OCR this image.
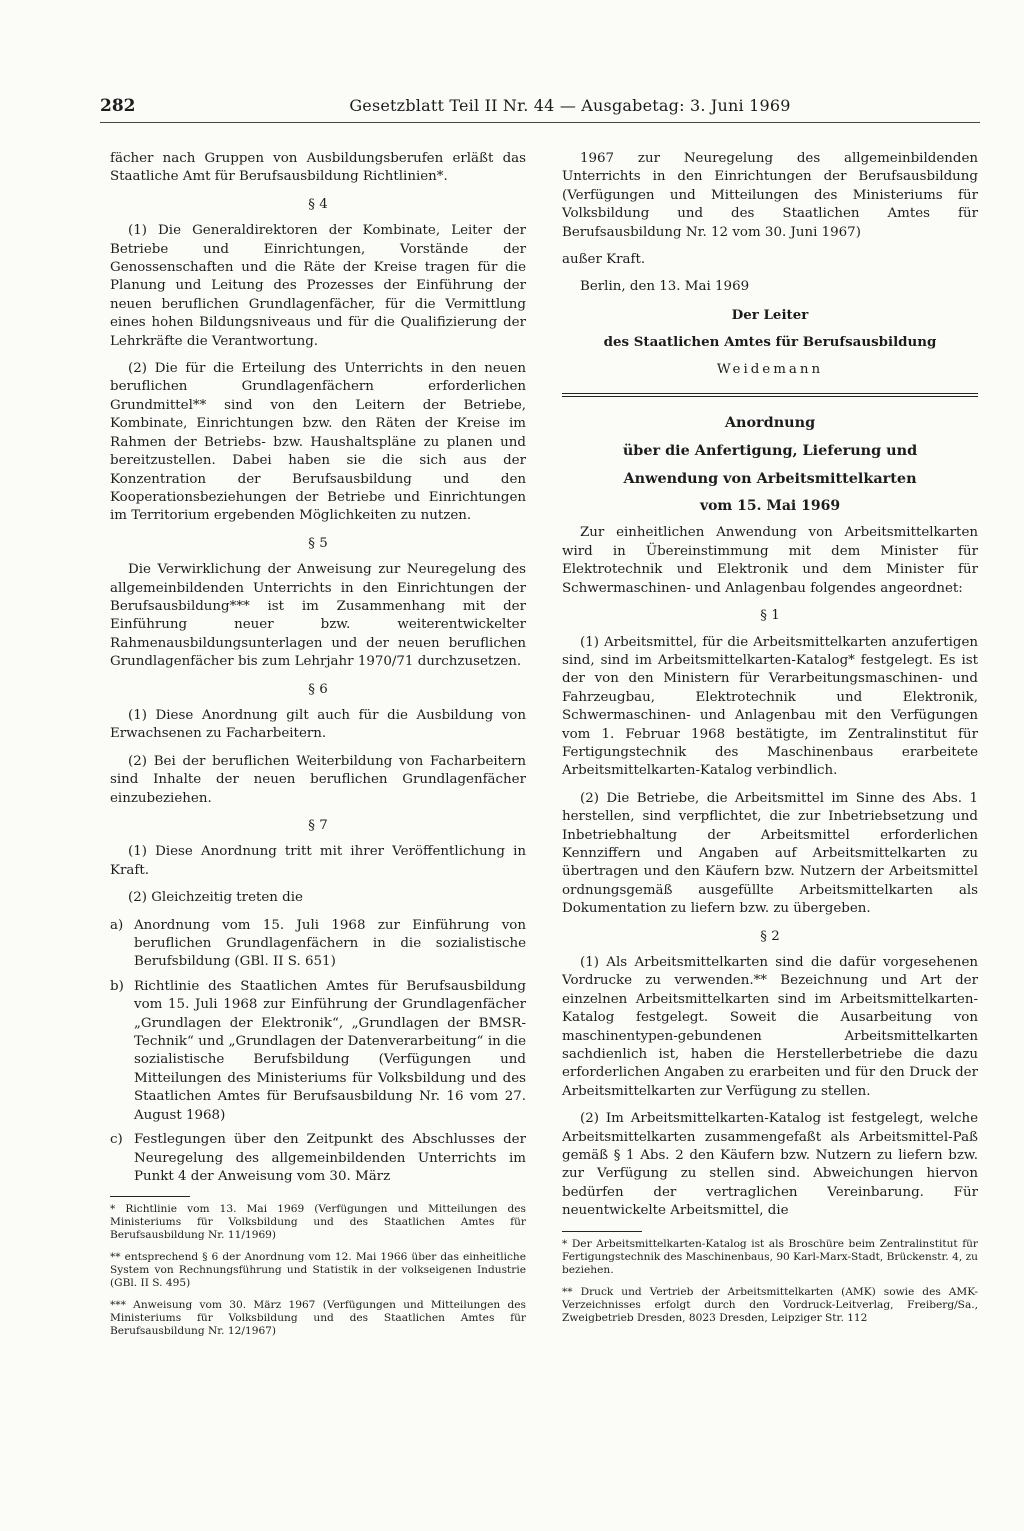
282	Gesetzblatt Teil II Nr. 44 — Ausgabetag: 3. Juni 1969

fächer nach Gruppen von Ausbildungsberufen erläßt das Staatliche Amt für Berufsausbildung Richtlinien*.

§ 4

(1) Die Generaldirektoren der Kombinate, Leiter der Betriebe und Einrichtungen, Vorstände der Genossenschaften und die Räte der Kreise tragen für die Planung und Leitung des Prozesses der Einführung der neuen beruflichen Grundlagenfächer, für die Vermittlung eines hohen Bildungsniveaus und für die Qualifizierung der Lehrkräfte die Verantwortung.

(2) Die für die Erteilung des Unterrichts in den neuen beruflichen Grundlagenfächern erforderlichen Grundmittel** sind von den Leitern der Betriebe, Kombinate, Einrichtungen bzw. den Räten der Kreise im Rahmen der Betriebs- bzw. Haushaltspläne zu planen und bereitzustellen. Dabei haben sie die sich aus der Konzentration der Berufsausbildung und den Kooperationsbeziehungen der Betriebe und Einrichtungen im Territorium ergebenden Möglichkeiten zu nutzen.

§ 5

Die Verwirklichung der Anweisung zur Neuregelung des allgemeinbildenden Unterrichts in den Einrichtungen der Berufsausbildung*** ist im Zusammenhang mit der Einführung neuer bzw. weiterentwickelter Rahmenausbildungsunterlagen und der neuen beruflichen Grundlagenfächer bis zum Lehrjahr 1970/71 durchzusetzen.

§ 6

(1) Diese Anordnung gilt auch für die Ausbildung von Erwachsenen zu Facharbeitern.

(2) Bei der beruflichen Weiterbildung von Facharbeitern sind Inhalte der neuen beruflichen Grundlagenfächer einzubeziehen.

§ 7

(1) Diese Anordnung tritt mit ihrer Veröffentlichung in Kraft.

(2) Gleichzeitig treten die

a) Anordnung vom 15. Juli 1968 zur Einführung von beruflichen Grundlagenfächern in die sozialistische Berufsbildung (GBl. II S. 651)
b) Richtlinie des Staatlichen Amtes für Berufsausbildung vom 15. Juli 1968 zur Einführung der Grundlagenfächer „Grundlagen der Elektronik“, „Grundlagen der BMSR-Technik“ und „Grundlagen der Datenverarbeitung“ in die sozialistische Berufsbildung (Verfügungen und Mitteilungen des Ministeriums für Volksbildung und des Staatlichen Amtes für Berufsausbildung Nr. 16 vom 27. August 1968)
c) Festlegungen über den Zeitpunkt des Abschlusses der Neuregelung des allgemeinbildenden Unterrichts im Punkt 4 der Anweisung vom 30. März

* Richtlinie vom 13. Mai 1969 (Verfügungen und Mitteilungen des Ministeriums für Volksbildung und des Staatlichen Amtes für Berufsausbildung Nr. 11/1969)

** entsprechend § 6 der Anordnung vom 12. Mai 1966 über das einheitliche System von Rechnungsführung und Statistik in der volkseigenen Industrie (GBl. II S. 495)

*** Anweisung vom 30. März 1967 (Verfügungen und Mitteilungen des Ministeriums für Volksbildung und des Staatlichen Amtes für Berufsausbildung Nr. 12/1967)

1967 zur Neuregelung des allgemeinbildenden Unterrichts in den Einrichtungen der Berufsausbildung (Verfügungen und Mitteilungen des Ministeriums für Volksbildung und des Staatlichen Amtes für Berufsausbildung Nr. 12 vom 30. Juni 1967)

außer Kraft.

Berlin, den 13. Mai 1969

Der Leiter

des Staatlichen Amtes für Berufsausbildung

Weidemann

Anordnung

über die Anfertigung, Lieferung und

Anwendung von Arbeitsmittelkarten

vom 15. Mai 1969

Zur einheitlichen Anwendung von Arbeitsmittelkarten wird in Übereinstimmung mit dem Minister für Elektrotechnik und Elektronik und dem Minister für Schwermaschinen- und Anlagenbau folgendes angeordnet:

§ 1

(1) Arbeitsmittel, für die Arbeitsmittelkarten anzufertigen sind, sind im Arbeitsmittelkarten-Katalog* festgelegt. Es ist der von den Ministern für Verarbeitungsmaschinen- und Fahrzeugbau, Elektrotechnik und Elektronik, Schwermaschinen- und Anlagenbau mit den Verfügungen vom 1. Februar 1968 bestätigte, im Zentralinstitut für Fertigungstechnik des Maschinenbaus erarbeitete Arbeitsmittelkarten-Katalog verbindlich.

(2) Die Betriebe, die Arbeitsmittel im Sinne des Abs. 1 herstellen, sind verpflichtet, die zur Inbetriebsetzung und Inbetriebhaltung der Arbeitsmittel erforderlichen Kennziffern und Angaben auf Arbeitsmittelkarten zu übertragen und den Käufern bzw. Nutzern der Arbeitsmittel ordnungsgemäß ausgefüllte Arbeitsmittelkarten als Dokumentation zu liefern bzw. zu übergeben.

§ 2

(1) Als Arbeitsmittelkarten sind die dafür vorgesehenen Vordrucke zu verwenden.** Bezeichnung und Art der einzelnen Arbeitsmittelkarten sind im Arbeitsmittelkarten-Katalog festgelegt. Soweit die Ausarbeitung von maschinentypen-gebundenen Arbeitsmittelkarten sachdienlich ist, haben die Herstellerbetriebe die dazu erforderlichen Angaben zu erarbeiten und für den Druck der Arbeitsmittelkarten zur Verfügung zu stellen.

(2) Im Arbeitsmittelkarten-Katalog ist festgelegt, welche Arbeitsmittelkarten zusammengefaßt als Arbeitsmittel-Paß gemäß § 1 Abs. 2 den Käufern bzw. Nutzern zu liefern bzw. zur Verfügung zu stellen sind. Abweichungen hiervon bedürfen der vertraglichen Vereinbarung. Für neuentwickelte Arbeitsmittel, die

* Der Arbeitsmittelkarten-Katalog ist als Broschüre beim Zentralinstitut für Fertigungstechnik des Maschinenbaus, 90 Karl-Marx-Stadt, Brückenstr. 4, zu beziehen.

** Druck und Vertrieb der Arbeitsmittelkarten (AMK) sowie des AMK-Verzeichnisses erfolgt durch den Vordruck-Leitverlag, Freiberg/Sa., Zweigbetrieb Dresden, 8023 Dresden, Leipziger Str. 112
